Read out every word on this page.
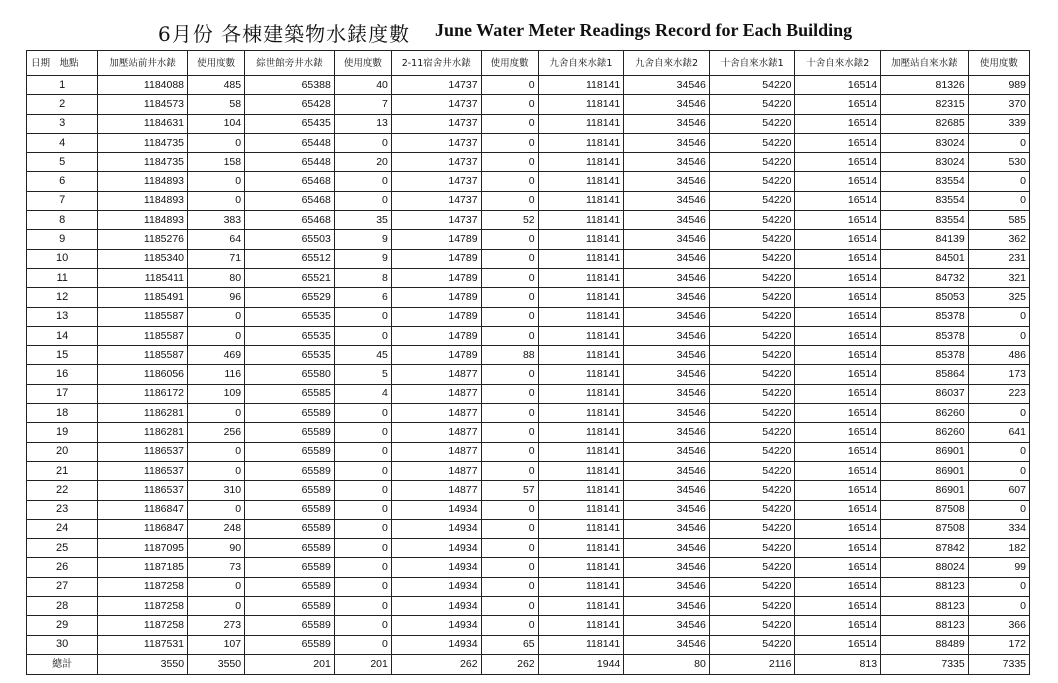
6月份 各棟建築物水錶度數 June Water Meter Readings Record for Each Building
日期　地點	加壓站前井水錶	使用度數	綜世館旁井水錶	使用度數	2-11宿舍井水錶	使用度數	九舍自來水錶1	九舍自來水錶2	十舍自來水錶1	十舍自來水錶2	加壓站自來水錶	使用度數
1	1184088	485	65388	40	14737	0	118141	34546	54220	16514	81326	989
2	1184573	58	65428	7	14737	0	118141	34546	54220	16514	82315	370
3	1184631	104	65435	13	14737	0	118141	34546	54220	16514	82685	339
4	1184735	0	65448	0	14737	0	118141	34546	54220	16514	83024	0
5	1184735	158	65448	20	14737	0	118141	34546	54220	16514	83024	530
6	1184893	0	65468	0	14737	0	118141	34546	54220	16514	83554	0
7	1184893	0	65468	0	14737	0	118141	34546	54220	16514	83554	0
8	1184893	383	65468	35	14737	52	118141	34546	54220	16514	83554	585
9	1185276	64	65503	9	14789	0	118141	34546	54220	16514	84139	362
10	1185340	71	65512	9	14789	0	118141	34546	54220	16514	84501	231
11	1185411	80	65521	8	14789	0	118141	34546	54220	16514	84732	321
12	1185491	96	65529	6	14789	0	118141	34546	54220	16514	85053	325
13	1185587	0	65535	0	14789	0	118141	34546	54220	16514	85378	0
14	1185587	0	65535	0	14789	0	118141	34546	54220	16514	85378	0
15	1185587	469	65535	45	14789	88	118141	34546	54220	16514	85378	486
16	1186056	116	65580	5	14877	0	118141	34546	54220	16514	85864	173
17	1186172	109	65585	4	14877	0	118141	34546	54220	16514	86037	223
18	1186281	0	65589	0	14877	0	118141	34546	54220	16514	86260	0
19	1186281	256	65589	0	14877	0	118141	34546	54220	16514	86260	641
20	1186537	0	65589	0	14877	0	118141	34546	54220	16514	86901	0
21	1186537	0	65589	0	14877	0	118141	34546	54220	16514	86901	0
22	1186537	310	65589	0	14877	57	118141	34546	54220	16514	86901	607
23	1186847	0	65589	0	14934	0	118141	34546	54220	16514	87508	0
24	1186847	248	65589	0	14934	0	118141	34546	54220	16514	87508	334
25	1187095	90	65589	0	14934	0	118141	34546	54220	16514	87842	182
26	1187185	73	65589	0	14934	0	118141	34546	54220	16514	88024	99
27	1187258	0	65589	0	14934	0	118141	34546	54220	16514	88123	0
28	1187258	0	65589	0	14934	0	118141	34546	54220	16514	88123	0
29	1187258	273	65589	0	14934	0	118141	34546	54220	16514	88123	366
30	1187531	107	65589	0	14934	65	118141	34546	54220	16514	88489	172
總計	3550	3550	201	201	262	262	1944	80	2116	813	7335	7335
